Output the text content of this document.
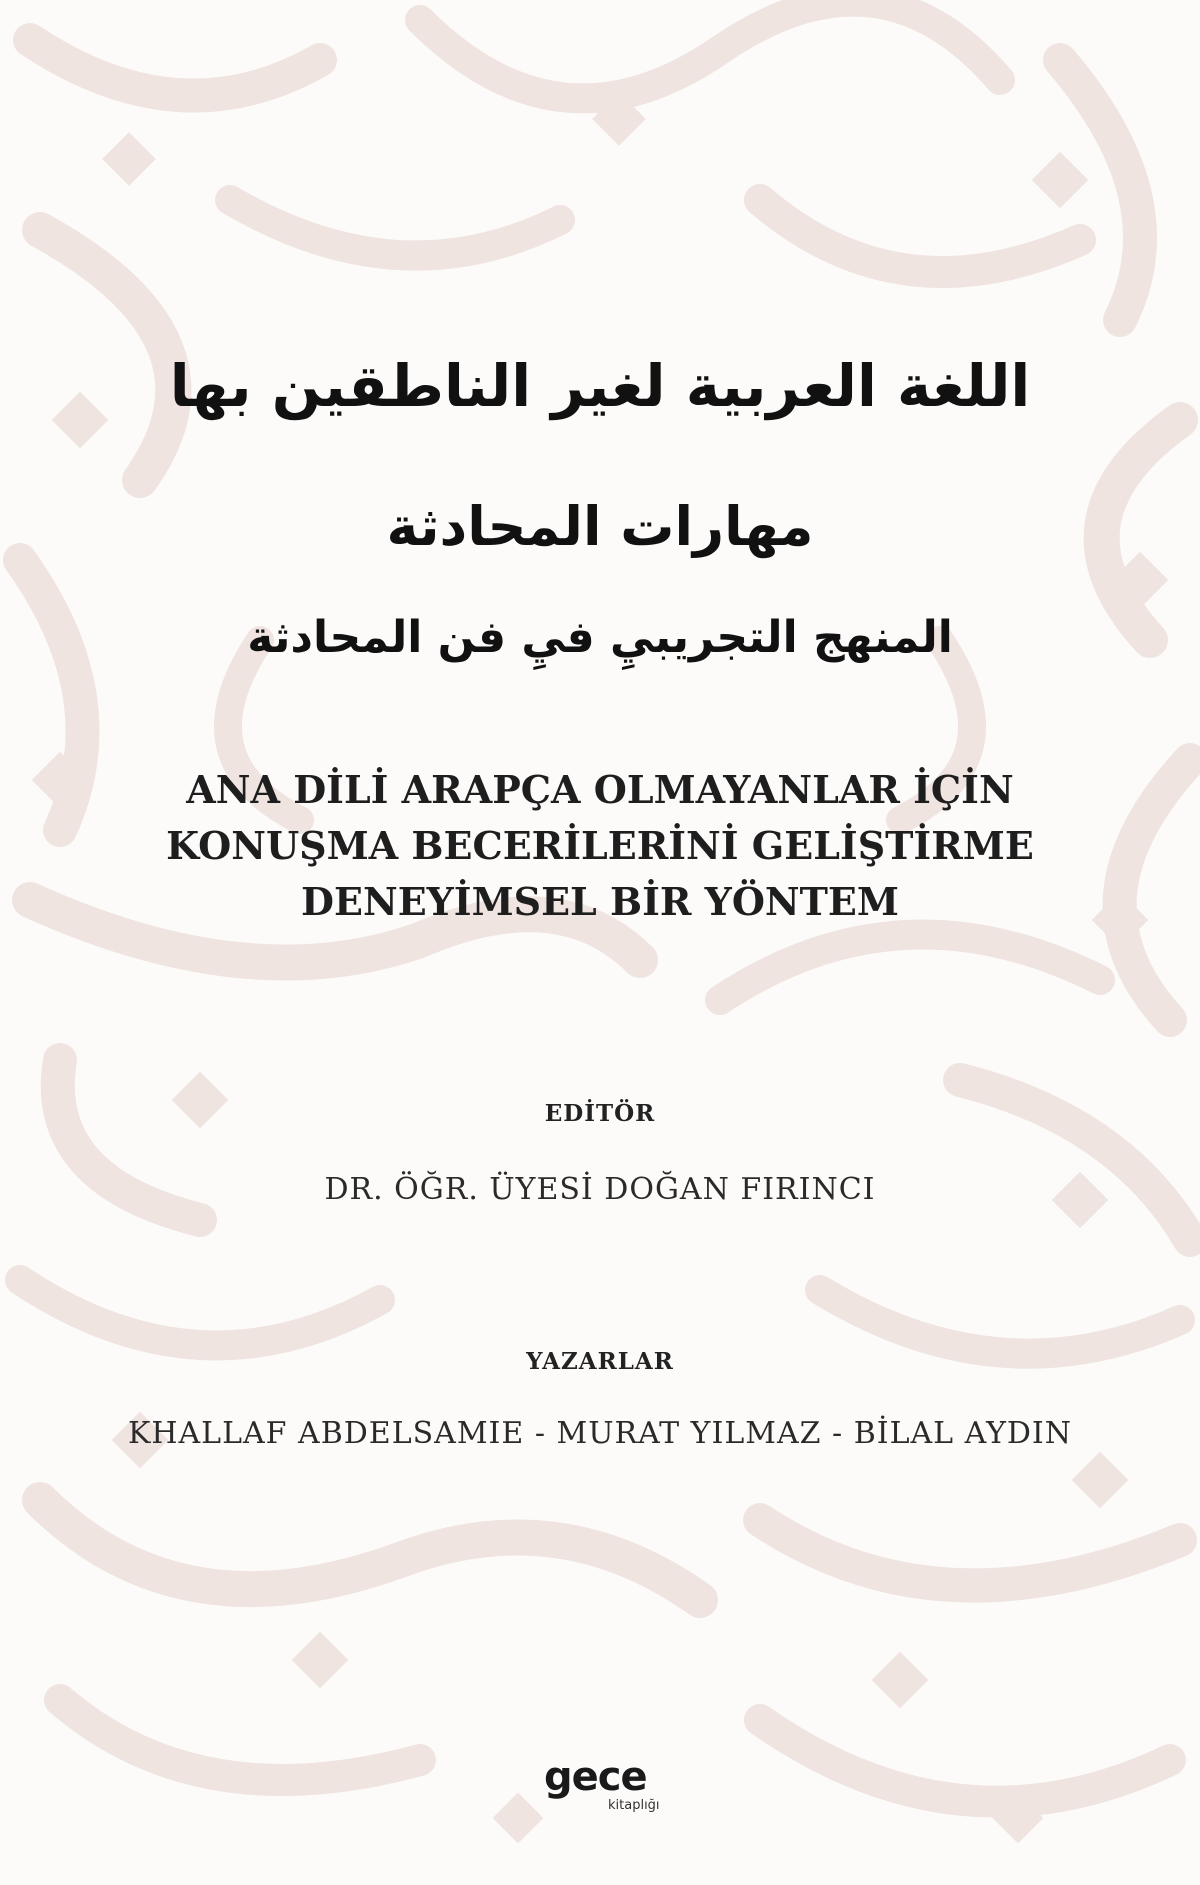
اللغة العربية لغير الناطقين بها
مهارات المحادثة
المنهج التجريبيِ فيِ فن المحادثة
ANA DİLİ ARAPÇA OLMAYANLAR İÇİN
KONUŞMA BECERİLERİNİ GELİŞTİRME
DENEYİMSEL BİR YÖNTEM
EDİTÖR
DR. ÖĞR. ÜYESİ DOĞAN FIRINCI
YAZARLAR
KHALLAF ABDELSAMIE - MURAT YILMAZ - BİLAL AYDIN
gece
kitaplığı
